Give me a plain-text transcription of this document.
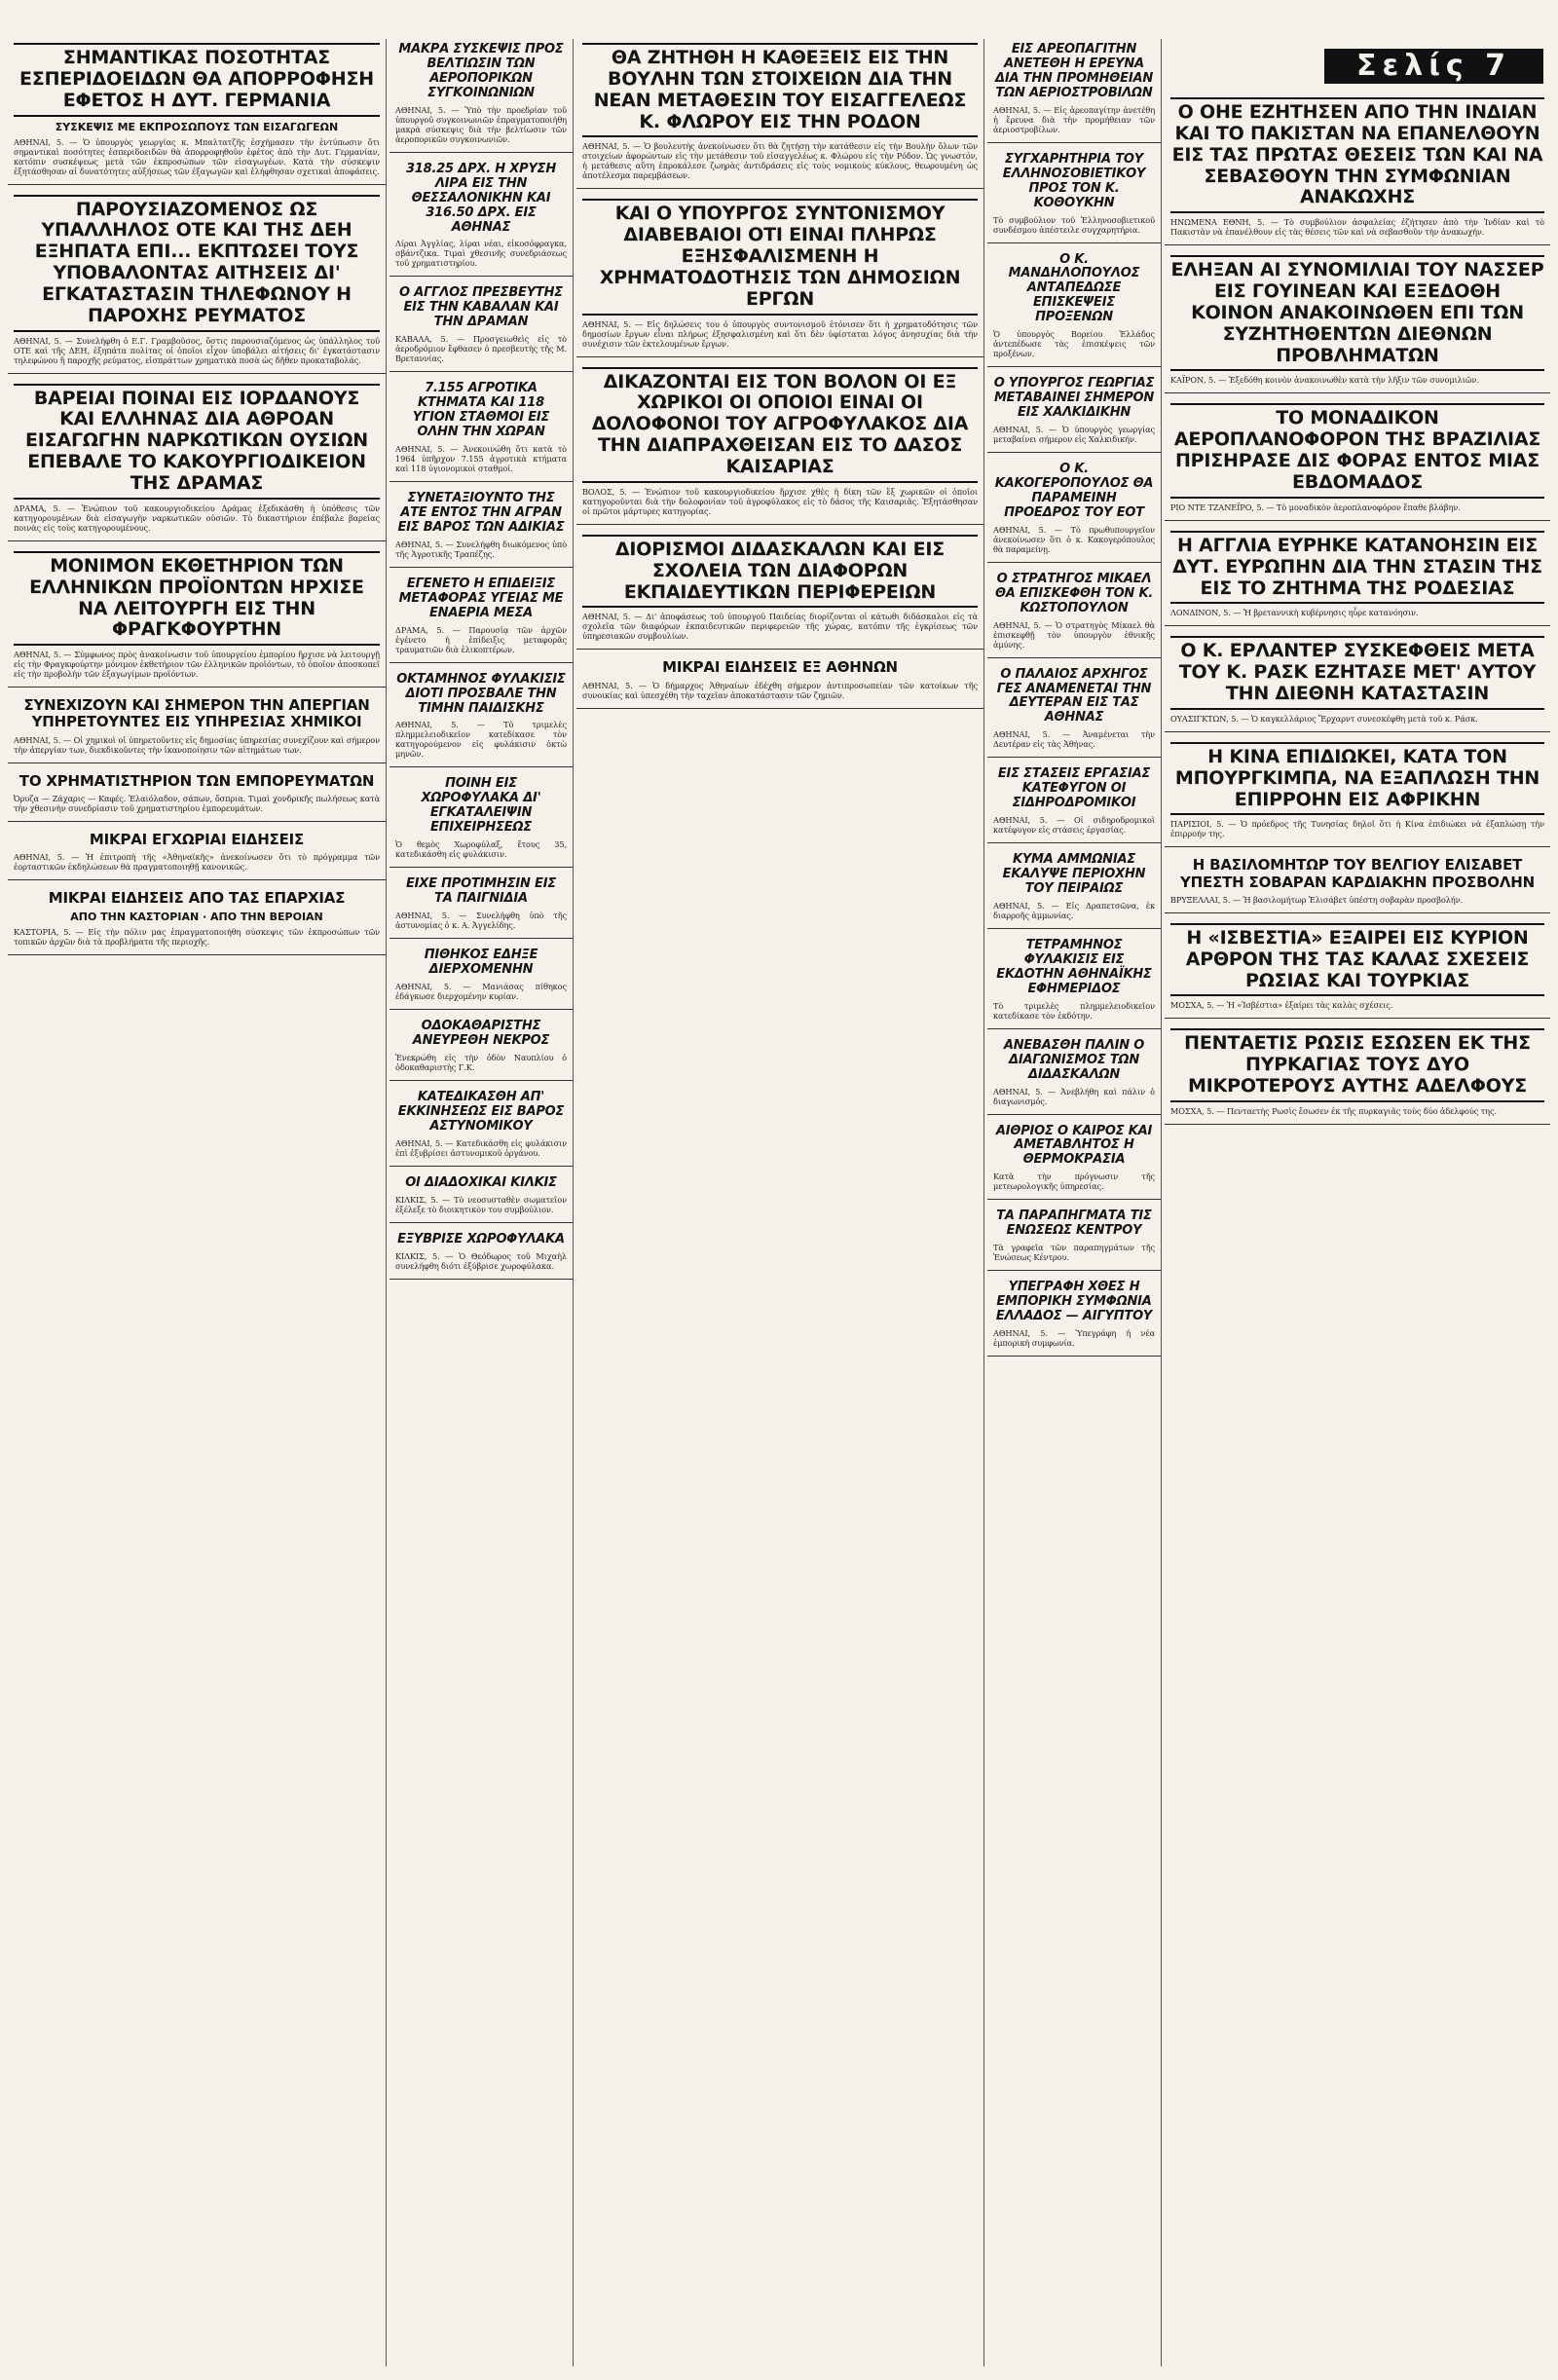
Σελίς 7
ΣΗΜΑΝΤΙΚΑΣ ΠΟΣΟΤΗΤΑΣ ΕΣΠΕΡΙΔΟΕΙΔΩΝ ΘΑ ΑΠΟΡΡΟΦΗΣΗ ΕΦΕΤΟΣ Η ΔΥΤ. ΓΕΡΜΑΝΙΑ
ΣΥΣΚΕΨΙΣ ΜΕ ΕΚΠΡΟΣΩΠΟΥΣ ΤΩΝ ΕΙΣΑΓΩΓΕΩΝ
ΑΘΗΝΑΙ, 5. — Ὁ ὑπουργὸς γεωργίας κ. Μπαλτατζῆς ἐσχήμασεν τὴν ἐντύπωσιν ὅτι σημαντικαὶ ποσότητες ἑσπεριδοειδῶν θὰ ἀπορροφηθοῦν ἐφέτος ἀπὸ τὴν Δυτ. Γερμανίαν, κατόπιν συσκέψεως μετὰ τῶν ἐκπροσώπων τῶν εἰσαγωγέων. Κατὰ τὴν σύσκεψιν ἐξητάσθησαν αἱ δυνατότητες αὐξήσεως τῶν ἐξαγωγῶν καὶ ἐλήφθησαν σχετικαὶ ἀποφάσεις.
ΠΑΡΟΥΣΙΑΖΟΜΕΝΟΣ ΩΣ ΥΠΑΛΛΗΛΟΣ ΟΤΕ ΚΑΙ ΤΗΣ ΔΕΗ ΕΞΗΠΑΤΑ ΕΠΙ... ΕΚΠΤΩΣΕΙ ΤΟΥΣ ΥΠΟΒΑΛΟΝΤΑΣ ΑΙΤΗΣΕΙΣ ΔΙ' ΕΓΚΑΤΑΣΤΑΣΙΝ ΤΗΛΕΦΩΝΟΥ Η ΠΑΡΟΧΗΣ ΡΕΥΜΑΤΟΣ
ΑΘΗΝΑΙ, 5. — Συνελήφθη ὁ Ε.Γ. Γραμβοῦσος, ὅστις παρουσιαζόμενος ὡς ὑπάλληλος τοῦ ΟΤΕ καὶ τῆς ΔΕΗ, ἐξηπάτα πολίτας οἱ ὁποῖοι εἶχον ὑποβάλει αἰτήσεις δι' ἐγκατάστασιν τηλεφώνου ἢ παροχῆς ρεύματος, εἰσπράττων χρηματικὰ ποσὰ ὡς δῆθεν προκαταβολάς.
ΒΑΡΕΙΑΙ ΠΟΙΝΑΙ ΕΙΣ ΙΟΡΔΑΝΟΥΣ ΚΑΙ ΕΛΛΗΝΑΣ ΔΙΑ ΑΘΡΟΑΝ ΕΙΣΑΓΩΓΗΝ ΝΑΡΚΩΤΙΚΩΝ ΟΥΣΙΩΝ ΕΠΕΒΑΛΕ ΤΟ ΚΑΚΟΥΡΓΙΟΔΙΚΕΙΟΝ ΤΗΣ ΔΡΑΜΑΣ
ΔΡΑΜΑ, 5. — Ἐνώπιον τοῦ κακουργιοδικείου Δράμας ἐξεδικάσθη ἡ ὑπόθεσις τῶν κατηγορουμένων διὰ εἰσαγωγὴν ναρκωτικῶν οὐσιῶν. Τὸ δικαστήριον ἐπέβαλε βαρείας ποινὰς εἰς τοὺς κατηγορουμένους.
ΜΟΝΙΜΟΝ ΕΚΘΕΤΗΡΙΟΝ ΤΩΝ ΕΛΛΗΝΙΚΩΝ ΠΡΟΪΟΝΤΩΝ ΗΡΧΙΣΕ ΝΑ ΛΕΙΤΟΥΡΓΗ ΕΙΣ ΤΗΝ ΦΡΑΓΚΦΟΥΡΤΗΝ
ΑΘΗΝΑΙ, 5. — Σύμφωνος πρὸς ἀνακοίνωσιν τοῦ ὑπουργείου ἐμπορίου ἤρχισε νὰ λειτουργῇ εἰς τὴν Φραγκφούρτην μόνιμον ἐκθετήριον τῶν ἑλληνικῶν προϊόντων, τὸ ὁποῖον ἀποσκοπεῖ εἰς τὴν προβολὴν τῶν ἐξαγωγίμων προϊόντων.
ΣΥΝΕΧΙΖΟΥΝ ΚΑΙ ΣΗΜΕΡΟΝ ΤΗΝ ΑΠΕΡΓΙΑΝ ΥΠΗΡΕΤΟΥΝΤΕΣ ΕΙΣ ΥΠΗΡΕΣΙΑΣ ΧΗΜΙΚΟΙ
ΑΘΗΝΑΙ, 5. — Οἱ χημικοὶ οἱ ὑπηρετοῦντες εἰς δημοσίας ὑπηρεσίας συνεχίζουν καὶ σήμερον τὴν ἀπεργίαν των, διεκδικοῦντες τὴν ἱκανοποίησιν τῶν αἰτημάτων των.
ΤΟ ΧΡΗΜΑΤΙΣΤΗΡΙΟΝ ΤΩΝ ΕΜΠΟΡΕΥΜΑΤΩΝ
Ὀρυζα — Ζάχαρις — Καφές. Ἐλαιόλαδον, σάπων, ὄσπρια. Τιμαὶ χονδρικῆς πωλήσεως κατὰ τὴν χθεσινὴν συνεδρίασιν τοῦ χρηματιστηρίου ἐμπορευμάτων.
ΜΙΚΡΑΙ ΕΓΧΩΡΙΑΙ ΕΙΔΗΣΕΙΣ
ΑΘΗΝΑΙ, 5. — Ἡ ἐπιτροπὴ τῆς «Ἀθηναϊκῆς» ἀνεκοίνωσεν ὅτι τὸ πρόγραμμα τῶν ἑορταστικῶν ἐκδηλώσεων θὰ πραγματοποιηθῇ κανονικῶς.
ΜΙΚΡΑΙ ΕΙΔΗΣΕΙΣ ΑΠΟ ΤΑΣ ΕΠΑΡΧΙΑΣ
ΑΠΟ ΤΗΝ ΚΑΣΤΟΡΙΑΝ · ΑΠΟ ΤΗΝ ΒΕΡΟΙΑΝ
ΚΑΣΤΟΡΙΑ, 5. — Εἰς τὴν πόλιν μας ἐπραγματοποιήθη σύσκεψις τῶν ἐκπροσώπων τῶν τοπικῶν ἀρχῶν διὰ τὰ προβλήματα τῆς περιοχῆς.
ΜΑΚΡΑ ΣΥΣΚΕΨΙΣ ΠΡΟΣ ΒΕΛΤΙΩΣΙΝ ΤΩΝ ΑΕΡΟΠΟΡΙΚΩΝ ΣΥΓΚΟΙΝΩΝΙΩΝ
ΑΘΗΝΑΙ, 5. — Ὑπὸ τὴν προεδρίαν τοῦ ὑπουργοῦ συγκοινωνιῶν ἐπραγματοποιήθη μακρὰ σύσκεψις διὰ τὴν βελτίωσιν τῶν ἀεροπορικῶν συγκοινωνιῶν.
318.25 ΔΡΧ. Η ΧΡΥΣΗ ΛΙΡΑ ΕΙΣ ΤΗΝ ΘΕΣΣΑΛΟΝΙΚΗΝ ΚΑΙ 316.50 ΔΡΧ. ΕΙΣ ΑΘΗΝΑΣ
Λίραι Ἀγγλίας, λίραι νέαι, εἰκοσόφραγκα, σβάντζικα. Τιμαὶ χθεσινῆς συνεδριάσεως τοῦ χρηματιστηρίου.
Ο ΑΓΓΛΟΣ ΠΡΕΣΒΕΥΤΗΣ ΕΙΣ ΤΗΝ ΚΑΒΑΛΑΝ ΚΑΙ ΤΗΝ ΔΡΑΜΑΝ
ΚΑΒΑΛΑ, 5. — Προσγειωθεὶς εἰς τὸ ἀεροδρόμιον ἔφθασεν ὁ πρεσβευτὴς τῆς Μ. Βρεταννίας.
7.155 ΑΓΡΟΤΙΚΑ ΚΤΗΜΑΤΑ ΚΑΙ 118 ΥΓΙΟΝ ΣΤΑΘΜΟΙ ΕΙΣ ΟΛΗΝ ΤΗΝ ΧΩΡΑΝ
ΑΘΗΝΑΙ, 5. — Ἀνεκοινώθη ὅτι κατὰ τὸ 1964 ὑπῆρχον 7.155 ἀγροτικὰ κτήματα καὶ 118 ὑγιονομικοὶ σταθμοί.
ΣΥΝΕΤΑΞΙΟΥΝΤΟ ΤΗΣ ΑΤΕ ΕΝΤΟΣ ΤΗΝ ΑΓΡΑΝ ΕΙΣ ΒΑΡΟΣ ΤΩΝ ΑΔΙΚΙΑΣ
ΑΘΗΝΑΙ, 5. — Συνελήφθη διωκόμενος ὑπὸ τῆς Ἀγροτικῆς Τραπέζης.
ΕΓΕΝΕΤΟ Η ΕΠΙΔΕΙΞΙΣ ΜΕΤΑΦΟΡΑΣ ΥΓΕΙΑΣ ΜΕ ΕΝΑΕΡΙΑ ΜΕΣΑ
ΔΡΑΜΑ, 5. — Παρουσίᾳ τῶν ἀρχῶν ἐγένετο ἡ ἐπίδειξις μεταφορᾶς τραυματιῶν διὰ ἑλικοπτέρων.
ΟΚΤΑΜΗΝΟΣ ΦΥΛΑΚΙΣΙΣ ΔΙΟΤΙ ΠΡΟΣΒΑΛΕ ΤΗΝ ΤΙΜΗΝ ΠΑΙΔΙΣΚΗΣ
ΑΘΗΝΑΙ, 5. — Τὸ τριμελὲς πλημμελειοδικεῖον κατεδίκασε τὸν κατηγορούμενον εἰς φυλάκισιν ὀκτὼ μηνῶν.
ΠΟΙΝΗ ΕΙΣ ΧΩΡΟΦΥΛΑΚΑ ΔΙ' ΕΓΚΑΤΑΛΕΙΨΙΝ ΕΠΙΧΕΙΡΗΣΕΩΣ
Ὁ θεμὸς Χωροφύλαξ, ἔτους 35, κατεδικάσθη εἰς φυλάκισιν.
ΕΙΧΕ ΠΡΟΤΙΜΗΣΙΝ ΕΙΣ ΤΑ ΠΑΙΓΝΙΔΙΑ
ΑΘΗΝΑΙ, 5. — Συνελήφθη ὑπὸ τῆς ἀστυνομίας ὁ κ. Α. Ἀγγελίδης.
ΠΙΘΗΚΟΣ ΕΔΗΞΕ ΔΙΕΡΧΟΜΕΝΗΝ
ΑΘΗΝΑΙ, 5. — Μανιάσας πίθηκος ἐδάγκωσε διερχομένην κυρίαν.
ΟΔΟΚΑΘΑΡΙΣΤΗΣ ΑΝΕΥΡΕΘΗ ΝΕΚΡΟΣ
Ἐνεκρώθη εἰς τὴν ὁδὸν Ναυπλίου ὁ ὁδοκαθαριστὴς Γ.Κ.
ΚΑΤΕΔΙΚΑΣΘΗ ΑΠ' ΕΚΚΙΝΗΣΕΩΣ ΕΙΣ ΒΑΡΟΣ ΑΣΤΥΝΟΜΙΚΟΥ
ΑΘΗΝΑΙ, 5. — Κατεδικάσθη εἰς φυλάκισιν ἐπὶ ἐξυβρίσει ἀστυνομικοῦ ὀργάνου.
ΟΙ ΔΙΑΔΟΧΙΚΑΙ ΚΙΛΚΙΣ
ΚΙΛΚΙΣ, 5. — Τὸ νεοσυσταθὲν σωματεῖον ἐξέλεξε τὸ διοικητικὸν του συμβούλιον.
ΕΞΥΒΡΙΣΕ ΧΩΡΟΦΥΛΑΚΑ
ΚΙΛΚΙΣ, 5. — Ὁ Θεόδωρος τοῦ Μιχαὴλ συνελήφθη διότι ἐξύβρισε χωροφύλακα.
ΘΑ ΖΗΤΗΘΗ Η ΚΑΘΕΞΕΙΣ ΕΙΣ ΤΗΝ ΒΟΥΛΗΝ ΤΩΝ ΣΤΟΙΧΕΙΩΝ ΔΙΑ ΤΗΝ ΝΕΑΝ ΜΕΤΑΘΕΣΙΝ ΤΟΥ ΕΙΣΑΓΓΕΛΕΩΣ Κ. ΦΛΩΡΟΥ ΕΙΣ ΤΗΝ ΡΟΔΟΝ
ΑΘΗΝΑΙ, 5. — Ὁ βουλευτὴς ἀνεκοίνωσεν ὅτι θὰ ζητήσῃ τὴν κατάθεσιν εἰς τὴν Βουλὴν ὅλων τῶν στοιχείων ἀφορώντων εἰς τὴν μετάθεσιν τοῦ εἰσαγγελέως κ. Φλώρου εἰς τὴν Ρόδον. Ὡς γνωστόν, ἡ μετάθεσις αὕτη ἐπροκάλεσε ζωηρὰς ἀντιδράσεις εἰς τοὺς νομικοὺς κύκλους, θεωρουμένη ὡς ἀποτέλεσμα παρεμβάσεων.
ΚΑΙ Ο ΥΠΟΥΡΓΟΣ ΣΥΝΤΟΝΙΣΜΟΥ ΔΙΑΒΕΒΑΙΟΙ ΟΤΙ ΕΙΝΑΙ ΠΛΗΡΩΣ ΕΞΗΣΦΑΛΙΣΜΕΝΗ Η ΧΡΗΜΑΤΟΔΟΤΗΣΙΣ ΤΩΝ ΔΗΜΟΣΙΩΝ ΕΡΓΩΝ
ΑΘΗΝΑΙ, 5. — Εἰς δηλώσεις του ὁ ὑπουργὸς συντονισμοῦ ἐτόνισεν ὅτι ἡ χρηματοδότησις τῶν δημοσίων ἔργων εἶναι πλήρως ἐξησφαλισμένη καὶ ὅτι δὲν ὑφίσταται λόγος ἀνησυχίας διὰ τὴν συνέχισιν τῶν ἐκτελουμένων ἔργων.
ΔΙΚΑΖΟΝΤΑΙ ΕΙΣ ΤΟΝ ΒΟΛΟΝ ΟΙ ΕΞ ΧΩΡΙΚΟΙ ΟΙ ΟΠΟΙΟΙ ΕΙΝΑΙ ΟΙ ΔΟΛΟΦΟΝΟΙ ΤΟΥ ΑΓΡΟΦΥΛΑΚΟΣ ΔΙΑ ΤΗΝ ΔΙΑΠΡΑΧΘΕΙΣΑΝ ΕΙΣ ΤΟ ΔΑΣΟΣ ΚΑΙΣΑΡΙΑΣ
ΒΟΛΟΣ, 5. — Ἐνώπιον τοῦ κακουργιοδικείου ἤρχισε χθὲς ἡ δίκη τῶν ἓξ χωρικῶν οἱ ὁποῖοι κατηγοροῦνται διὰ τὴν δολοφονίαν τοῦ ἀγροφύλακος εἰς τὸ δάσος τῆς Καισαριᾶς. Ἐξητάσθησαν οἱ πρῶτοι μάρτυρες κατηγορίας.
ΔΙΟΡΙΣΜΟΙ ΔΙΔΑΣΚΑΛΩΝ ΚΑΙ ΕΙΣ ΣΧΟΛΕΙΑ ΤΩΝ ΔΙΑΦΟΡΩΝ ΕΚΠΑΙΔΕΥΤΙΚΩΝ ΠΕΡΙΦΕΡΕΙΩΝ
ΑΘΗΝΑΙ, 5. — Δι' ἀποφάσεως τοῦ ὑπουργοῦ Παιδείας διορίζονται οἱ κάτωθι διδάσκαλοι εἰς τὰ σχολεῖα τῶν διαφόρων ἐκπαιδευτικῶν περιφερειῶν τῆς χώρας, κατόπιν τῆς ἐγκρίσεως τῶν ὑπηρεσιακῶν συμβουλίων.
ΜΙΚΡΑΙ ΕΙΔΗΣΕΙΣ ΕΞ ΑΘΗΝΩΝ
ΑΘΗΝΑΙ, 5. — Ὁ δήμαρχος Ἀθηναίων ἐδέχθη σήμερον ἀντιπροσωπείαν τῶν κατοίκων τῆς συνοικίας καὶ ὑπεσχέθη τὴν ταχεῖαν ἀποκατάστασιν τῶν ζημιῶν.
ΕΙΣ ΑΡΕΟΠΑΓΙΤΗΝ ΑΝΕΤΕΘΗ Η ΕΡΕΥΝΑ ΔΙΑ ΤΗΝ ΠΡΟΜΗΘΕΙΑΝ ΤΩΝ ΑΕΡΙΟΣΤΡΟΒΙΛΩΝ
ΑΘΗΝΑΙ, 5. — Εἰς ἀρεοπαγίτην ἀνετέθη ἡ ἔρευνα διὰ τὴν προμήθειαν τῶν ἀεριοστροβίλων.
ΣΥΓΧΑΡΗΤΗΡΙΑ ΤΟΥ ΕΛΛΗΝΟΣΟΒΙΕΤΙΚΟΥ ΠΡΟΣ ΤΟΝ Κ. ΚΟΘΟΥΚΗΝ
Τὸ συμβούλιον τοῦ Ἑλληνοσοβιετικοῦ συνδέσμου ἀπέστειλε συγχαρητήρια.
Ο Κ. ΜΑΝΔΗΛΟΠΟΥΛΟΣ ΑΝΤΑΠΕΔΩΣΕ ΕΠΙΣΚΕΨΕΙΣ ΠΡΟΞΕΝΩΝ
Ὁ ὑπουργὸς Βορείου Ἑλλάδος ἀντεπέδωσε τὰς ἐπισκέψεις τῶν προξένων.
Ο ΥΠΟΥΡΓΟΣ ΓΕΩΡΓΙΑΣ ΜΕΤΑΒΑΙΝΕΙ ΣΗΜΕΡΟΝ ΕΙΣ ΧΑΛΚΙΔΙΚΗΝ
ΑΘΗΝΑΙ, 5. — Ὁ ὑπουργὸς γεωργίας μεταβαίνει σήμερον εἰς Χαλκιδικήν.
Ο Κ. ΚΑΚΟΓΕΡΟΠΟΥΛΟΣ ΘΑ ΠΑΡΑΜΕΙΝΗ ΠΡΟΕΔΡΟΣ ΤΟΥ ΕΟΤ
ΑΘΗΝΑΙ, 5. — Τὸ πρωθυπουργεῖον ἀνεκοίνωσεν ὅτι ὁ κ. Κακογερόπουλος θὰ παραμείνῃ.
Ο ΣΤΡΑΤΗΓΟΣ ΜΙΚΑΕΛ ΘΑ ΕΠΙΣΚΕΦΘΗ ΤΟΝ Κ. ΚΩΣΤΟΠΟΥΛΟΝ
ΑΘΗΝΑΙ, 5. — Ὁ στρατηγὸς Μίκαελ θὰ ἐπισκεφθῇ τὸν ὑπουργὸν ἐθνικῆς ἀμύνης.
Ο ΠΑΛΑΙΟΣ ΑΡΧΗΓΟΣ ΓΕΣ ΑΝΑΜΕΝΕΤΑΙ ΤΗΝ ΔΕΥΤΕΡΑΝ ΕΙΣ ΤΑΣ ΑΘΗΝΑΣ
ΑΘΗΝΑΙ, 5. — Ἀναμένεται τὴν Δευτέραν εἰς τὰς Ἀθήνας.
ΕΙΣ ΣΤΑΣΕΙΣ ΕΡΓΑΣΙΑΣ ΚΑΤΕΦΥΓΟΝ ΟΙ ΣΙΔΗΡΟΔΡΟΜΙΚΟΙ
ΑΘΗΝΑΙ, 5. — Οἱ σιδηροδρομικοὶ κατέφυγον εἰς στάσεις ἐργασίας.
ΚΥΜΑ ΑΜΜΩΝΙΑΣ ΕΚΑΛΥΨΕ ΠΕΡΙΟΧΗΝ ΤΟΥ ΠΕΙΡΑΙΩΣ
ΑΘΗΝΑΙ, 5. — Εἰς Δραπετσῶνα, ἐκ διαρροῆς ἀμμωνίας.
ΤΕΤΡΑΜΗΝΟΣ ΦΥΛΑΚΙΣΙΣ ΕΙΣ ΕΚΔΟΤΗΝ ΑΘΗΝΑΪΚΗΣ ΕΦΗΜΕΡΙΔΟΣ
Τὸ τριμελὲς πλημμελειοδικεῖον κατεδίκασε τὸν ἐκδότην.
ΑΝΕΒΑΣΘΗ ΠΑΛΙΝ Ο ΔΙΑΓΩΝΙΣΜΟΣ ΤΩΝ ΔΙΔΑΣΚΑΛΩΝ
ΑΘΗΝΑΙ, 5. — Ἀνεβλήθη καὶ πάλιν ὁ διαγωνισμός.
ΑΙΘΡΙΟΣ Ο ΚΑΙΡΟΣ ΚΑΙ ΑΜΕΤΑΒΛΗΤΟΣ Η ΘΕΡΜΟΚΡΑΣΙΑ
Κατὰ τὴν πρόγνωσιν τῆς μετεωρολογικῆς ὑπηρεσίας.
ΤΑ ΠΑΡΑΠΗΓΜΑΤΑ ΤΙΣ ΕΝΩΣΕΩΣ ΚΕΝΤΡΟΥ
Τὰ γραφεῖα τῶν παραπηγμάτων τῆς Ἑνώσεως Κέντρου.
ΥΠΕΓΡΑΦΗ ΧΘΕΣ Η ΕΜΠΟΡΙΚΗ ΣΥΜΦΩΝΙΑ ΕΛΛΑΔΟΣ — ΑΙΓΥΠΤΟΥ
ΑΘΗΝΑΙ, 5. — Ὑπεγράφη ἡ νέα ἐμπορικὴ συμφωνία.
Ο ΟΗΕ ΕΖΗΤΗΣΕΝ ΑΠΟ ΤΗΝ ΙΝΔΙΑΝ ΚΑΙ ΤΟ ΠΑΚΙΣΤΑΝ ΝΑ ΕΠΑΝΕΛΘΟΥΝ ΕΙΣ ΤΑΣ ΠΡΩΤΑΣ ΘΕΣΕΙΣ ΤΩΝ ΚΑΙ ΝΑ ΣΕΒΑΣΘΟΥΝ ΤΗΝ ΣΥΜΦΩΝΙΑΝ ΑΝΑΚΩΧΗΣ
ΗΝΩΜΕΝΑ ΕΘΝΗ, 5. — Τὸ συμβούλιον ἀσφαλείας ἐζήτησεν ἀπὸ τὴν Ἰνδίαν καὶ τὸ Πακιστὰν νὰ ἐπανέλθουν εἰς τὰς θέσεις τῶν καὶ νὰ σεβασθοῦν τὴν ἀνακωχήν.
ΕΛΗΞΑΝ ΑΙ ΣΥΝΟΜΙΛΙΑΙ ΤΟΥ ΝΑΣΣΕΡ ΕΙΣ ΓΟΥΙΝΕΑΝ ΚΑΙ ΕΞΕΔΟΘΗ ΚΟΙΝΟΝ ΑΝΑΚΟΙΝΩΘΕΝ ΕΠΙ ΤΩΝ ΣΥΖΗΤΗΘΕΝΤΩΝ ΔΙΕΘΝΩΝ ΠΡΟΒΛΗΜΑΤΩΝ
ΚΑΪΡΟΝ, 5. — Ἐξεδόθη κοινὸν ἀνακοινωθὲν κατὰ τὴν λῆξιν τῶν συνομιλιῶν.
ΤΟ ΜΟΝΑΔΙΚΟΝ ΑΕΡΟΠΛΑΝΟΦΟΡΟΝ ΤΗΣ ΒΡΑΖΙΛΙΑΣ ΠΡΙΣΗΡΑΣΕ ΔΙΣ ΦΟΡΑΣ ΕΝΤΟΣ ΜΙΑΣ ΕΒΔΟΜΑΔΟΣ
ΡΙΟ ΝΤΕ ΤΖΑΝΕΪΡΟ, 5. — Τὸ μοναδικὸν ἀεροπλανοφόρον ἔπαθε βλάβην.
Η ΑΓΓΛΙΑ ΕΥΡΗΚΕ ΚΑΤΑΝΟΗΣΙΝ ΕΙΣ ΔΥΤ. ΕΥΡΩΠΗΝ ΔΙΑ ΤΗΝ ΣΤΑΣΙΝ ΤΗΣ ΕΙΣ ΤΟ ΖΗΤΗΜΑ ΤΗΣ ΡΟΔΕΣΙΑΣ
ΛΟΝΔΙΝΟΝ, 5. — Ἡ βρεταννικὴ κυβέρνησις ηὗρε κατανόησιν.
Ο Κ. ΕΡΛΑΝΤΕΡ ΣΥΣΚΕΦΘΕΙΣ ΜΕΤΑ ΤΟΥ Κ. ΡΑΣΚ ΕΖΗΤΑΣΕ ΜΕΤ' ΑΥΤΟΥ ΤΗΝ ΔΙΕΘΝΗ ΚΑΤΑΣΤΑΣΙΝ
ΟΥΑΣΙΓΚΤΩΝ, 5. — Ὁ καγκελλάριος Ἔρχαρντ συνεσκέφθη μετὰ τοῦ κ. Ράσκ.
Η ΚΙΝΑ ΕΠΙΔΙΩΚΕΙ, ΚΑΤΑ ΤΟΝ ΜΠΟΥΡΓΚΙΜΠΑ, ΝΑ ΕΞΑΠΛΩΣΗ ΤΗΝ ΕΠΙΡΡΟΗΝ ΕΙΣ ΑΦΡΙΚΗΝ
ΠΑΡΙΣΙΟΙ, 5. — Ὁ πρόεδρος τῆς Τυνησίας δηλοῖ ὅτι ἡ Κίνα ἐπιδιώκει νὰ ἐξαπλώσῃ τὴν ἐπιρροήν της.
Η ΒΑΣΙΛΟΜΗΤΩΡ ΤΟΥ ΒΕΛΓΙΟΥ ΕΛΙΣΑΒΕΤ ΥΠΕΣΤΗ ΣΟΒΑΡΑΝ ΚΑΡΔΙΑΚΗΝ ΠΡΟΣΒΟΛΗΝ
ΒΡΥΞΕΛΛΑΙ, 5. — Ἡ βασιλομήτωρ Ἐλισάβετ ὑπέστη σοβαρὰν προσβολήν.
Η «ΙΣΒΕΣΤΙΑ» ΕΞΑΙΡΕΙ ΕΙΣ ΚΥΡΙΟΝ ΑΡΘΡΟΝ ΤΗΣ ΤΑΣ ΚΑΛΑΣ ΣΧΕΣΕΙΣ ΡΩΣΙΑΣ ΚΑΙ ΤΟΥΡΚΙΑΣ
ΜΟΣΧΑ, 5. — Ἡ «Ἰσβέστια» ἐξαίρει τὰς καλὰς σχέσεις.
ΠΕΝΤΑΕΤΙΣ ΡΩΣΙΣ ΕΣΩΣΕΝ ΕΚ ΤΗΣ ΠΥΡΚΑΓΙΑΣ ΤΟΥΣ ΔΥΟ ΜΙΚΡΟΤΕΡΟΥΣ ΑΥΤΗΣ ΑΔΕΛΦΟΥΣ
ΜΟΣΧΑ, 5. — Πενταετὴς Ρωσὶς ἔσωσεν ἐκ τῆς πυρκαγιᾶς τοὺς δύο ἀδελφούς της.
